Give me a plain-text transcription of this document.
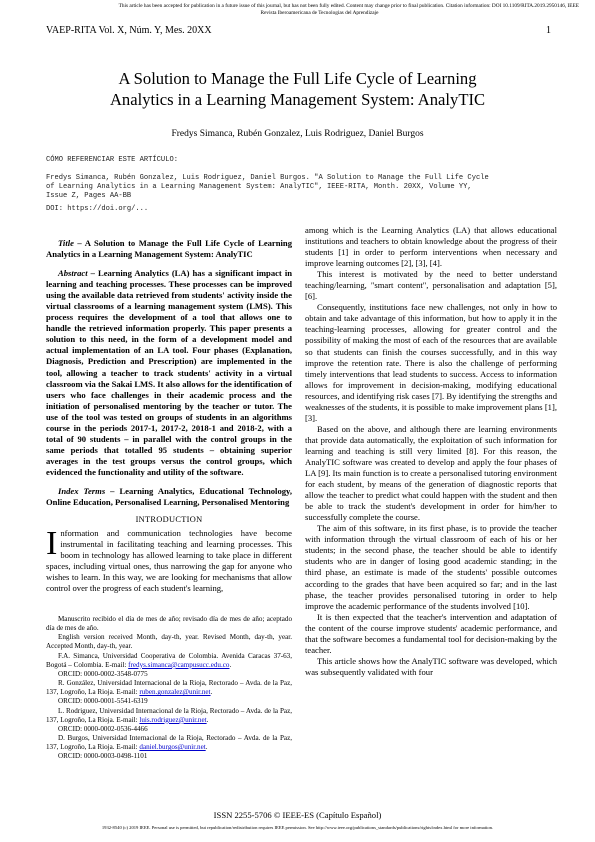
This article has been accepted for publication in a future issue of this journal, but has not been fully edited. Content may change prior to final publication. Citation information: DOI 10.1109/RITA.2019.2950146, IEEE
Revista Iberoamericana de Tecnologias del Aprendizaje
VAEP-RITA Vol. X, Núm. Y, Mes. 20XX	1
A Solution to Manage the Full Life Cycle of Learning
Analytics in a Learning Management System: AnalyTIC
Fredys Simanca, Rubén Gonzalez, Luis Rodriguez, Daniel Burgos
CÓMO REFERENCIAR ESTE ARTÍCULO:
Fredys Simanca, Rubén Gonzalez, Luis Rodriguez, Daniel Burgos. "A Solution to Manage the Full Life Cycle
of Learning Analytics in a Learning Management System: AnalyTIC", IEEE-RITA, Month. 20XX, Volume YY,
Issue Z, Pages AA-BB
DOI: https://doi.org/...

Title – A Solution to Manage the Full Life Cycle of Learning Analytics in a Learning Management System: AnalyTIC

Abstract – Learning Analytics (LA) has a significant impact in learning and teaching processes. These processes can be improved using the available data retrieved from students' activity inside the virtual classrooms of a learning management system (LMS). This process requires the development of a tool that allows one to handle the retrieved information properly. This paper presents a solution to this need, in the form of a development model and actual implementation of an LA tool. Four phases (Explanation, Diagnosis, Prediction and Prescription) are implemented in the tool, allowing a teacher to track students' activity in a virtual classroom via the Sakai LMS. It also allows for the identification of users who face challenges in their academic process and the initiation of personalised mentoring by the teacher or tutor. The use of the tool was tested on groups of students in an algorithms course in the periods 2017-1, 2017-2, 2018-1 and 2018-2, with a total of 90 students – in parallel with the control groups in the same periods that totalled 95 students – obtaining superior averages in the test groups versus the control groups, which evidenced the functionality and utility of the software.

Index Terms – Learning Analytics, Educational Technology, Online Education, Personalised Learning, Personalised Mentoring

INTRODUCTION

Information and communication technologies have become instrumental in facilitating teaching and learning processes. This boom in technology has allowed learning to take place in different spaces, including virtual ones, thus narrowing the gap for anyone who wishes to learn. In this way, we are looking for mechanisms that allow control over the progress of each student's learning,

Manuscrito recibido el día de mes de año; revisado día de mes de año; aceptado día de mes de año.

English version received Month, day-th, year. Revised Month, day-th, year. Accepted Month, day-th, year.

F.A. Simanca, Universidad Cooperativa de Colombia. Avenida Caracas 37-63, Bogotá – Colombia. E-mail: fredys.simanca@campusucc.edu.co.

ORCID: 0000-0002-3548-0775

R. González, Universidad Internacional de la Rioja, Rectorado – Avda. de la Paz, 137, Logroño, La Rioja. E-mail: ruben.gonzalez@unir.net.

ORCID: 0000-0001-5541-6319

L. Rodriguez, Universidad Internacional de la Rioja, Rectorado – Avda. de la Paz, 137, Logroño, La Rioja. E-mail: luis.rodriguez@unir.net.

ORCID: 0000-0002-0536-4466

D. Burgos, Universidad Internacional de la Rioja, Rectorado – Avda. de la Paz, 137, Logroño, La Rioja. E-mail: daniel.burgos@unir.net.

ORCID: 0000-0003-0498-1101

among which is the Learning Analytics (LA) that allows educational institutions and teachers to obtain knowledge about the progress of their students [1] in order to perform interventions when necessary and improve learning outcomes [2], [3], [4].

This interest is motivated by the need to better understand teaching/learning, "smart content", personalisation and adaptation [5], [6].

Consequently, institutions face new challenges, not only in how to obtain and take advantage of this information, but how to apply it in the teaching-learning processes, allowing for greater control and the possibility of making the most of each of the resources that are available so that students can finish the courses successfully, and in this way improve the retention rate. There is also the challenge of performing timely interventions that lead students to success. Access to information allows for improvement in decision-making, modifying educational resources, and identifying risk cases [7]. By identifying the strengths and weaknesses of the students, it is possible to make improvement plans [1], [3].

Based on the above, and although there are learning environments that provide data automatically, the exploitation of such information for learning and teaching is still very limited [8]. For this reason, the AnalyTIC software was created to develop and apply the four phases of LA [9]. Its main function is to create a personalised tutoring environment for each student, by means of the generation of diagnostic reports that allow the teacher to predict what could happen with the student and then be able to track the student's development in order for him/her to successfully complete the course.

The aim of this software, in its first phase, is to provide the teacher with information through the virtual classroom of each of his or her students; in the second phase, the teacher should be able to identify students who are in danger of losing good academic standing; in the third phase, an estimate is made of the students' possible outcomes according to the grades that have been acquired so far; and in the last phase, the teacher provides personalised tutoring in order to help improve the academic performance of the students involved [10].

It is then expected that the teacher's intervention and adaptation of the content of the course improve students' academic performance, and that the software becomes a fundamental tool for decision-making by the teacher.

This article shows how the AnalyTIC software was developed, which was subsequently validated with four

ISSN 2255-5706 © IEEE-ES (Capítulo Español)
1932-8540 (c) 2019 IEEE. Personal use is permitted, but republication/redistribution requires IEEE permission. See http://www.ieee.org/publications_standards/publications/rights/index.html for more information.
